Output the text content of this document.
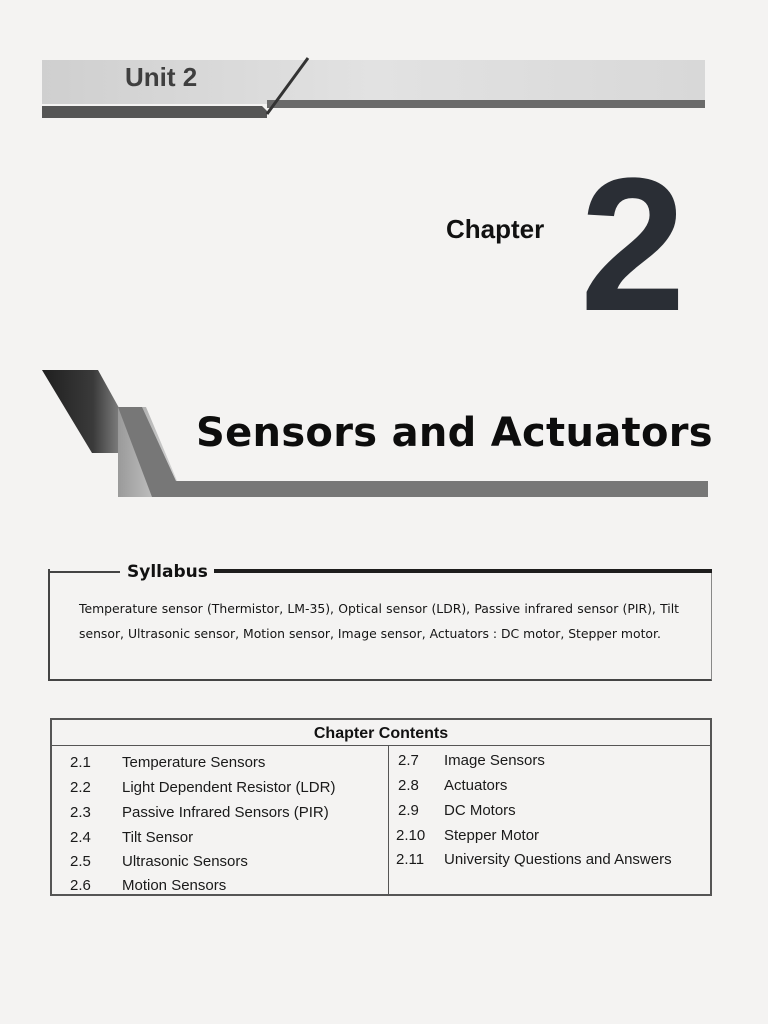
Unit 2
Chapter 2
Sensors and Actuators
Syllabus
Temperature sensor (Thermistor, LM-35), Optical sensor (LDR), Passive infrared sensor (PIR), Tilt sensor, Ultrasonic sensor, Motion sensor, Image sensor, Actuators : DC motor, Stepper motor.
Chapter Contents
2.1 Temperature Sensors
2.2 Light Dependent Resistor (LDR)
2.3 Passive Infrared Sensors (PIR)
2.4 Tilt Sensor
2.5 Ultrasonic Sensors
2.6 Motion Sensors
2.7 Image Sensors
2.8 Actuators
2.9 DC Motors
2.10 Stepper Motor
2.11 University Questions and Answers
